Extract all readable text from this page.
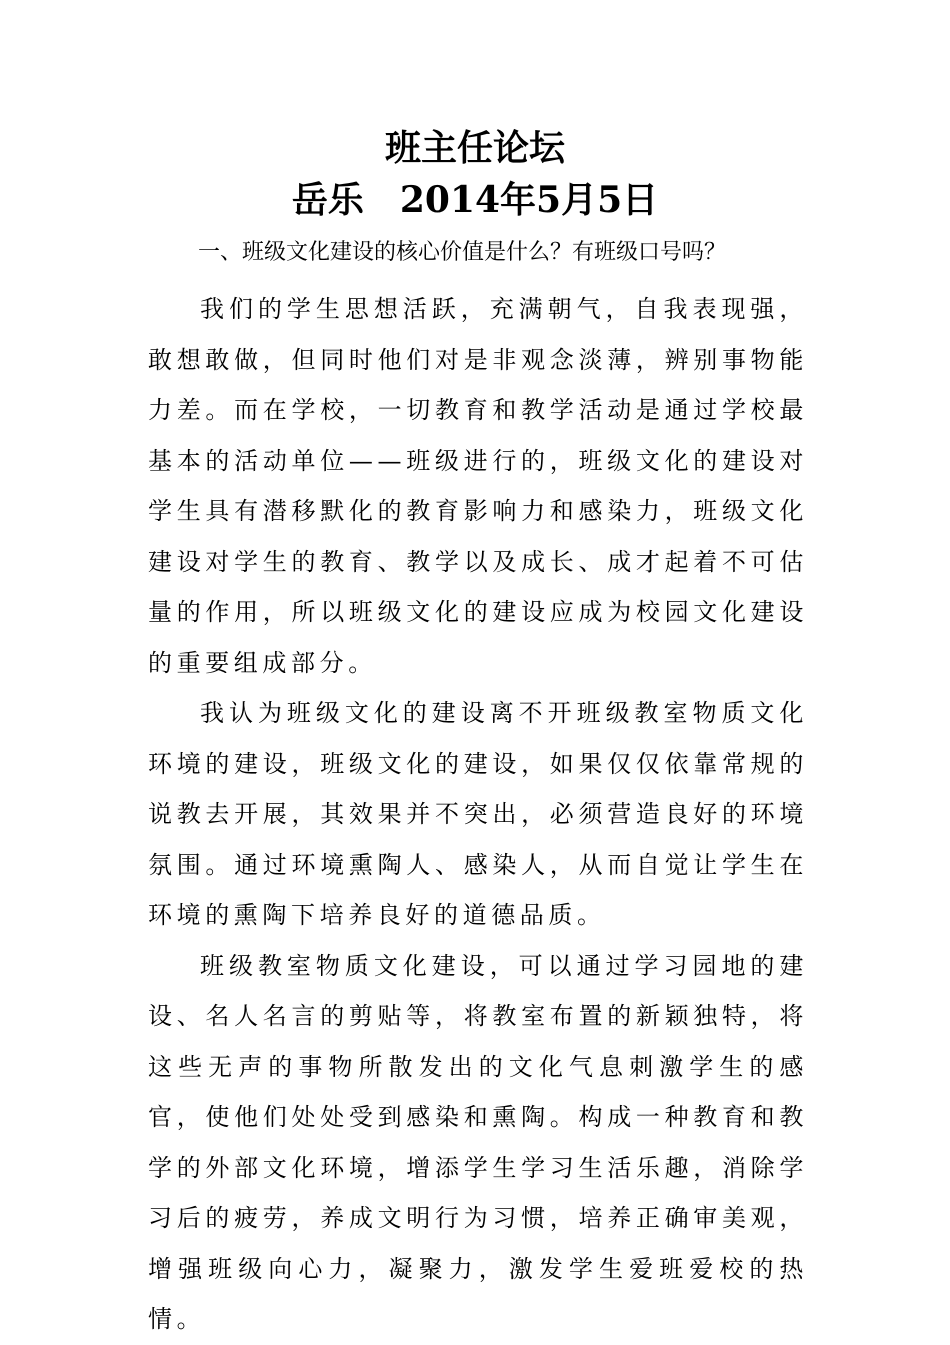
班主任论坛
岳乐 2014年5月5日
一、班级文化建设的核心价值是什么？有班级口号吗？

我们的学生思想活跃，充满朝气，自我表现强，敢想敢做，但同时他们对是非观念淡薄，辨别事物能力差。而在学校，一切教育和教学活动是通过学校最基本的活动单位——班级进行的，班级文化的建设对学生具有潜移默化的教育影响力和感染力，班级文化建设对学生的教育、教学以及成长、成才起着不可估量的作用，所以班级文化的建设应成为校园文化建设的重要组成部分。

我认为班级文化的建设离不开班级教室物质文化环境的建设，班级文化的建设，如果仅仅依靠常规的说教去开展，其效果并不突出，必须营造良好的环境氛围。通过环境熏陶人、感染人，从而自觉让学生在环境的熏陶下培养良好的道德品质。

班级教室物质文化建设，可以通过学习园地的建设、名人名言的剪贴等，将教室布置的新颖独特，将这些无声的事物所散发出的文化气息刺激学生的感官，使他们处处受到感染和熏陶。构成一种教育和教学的外部文化环境，增添学生学习生活乐趣，消除学习后的疲劳，养成文明行为习惯，培养正确审美观，增强班级向心力，凝聚力，激发学生爱班爱校的热情。
